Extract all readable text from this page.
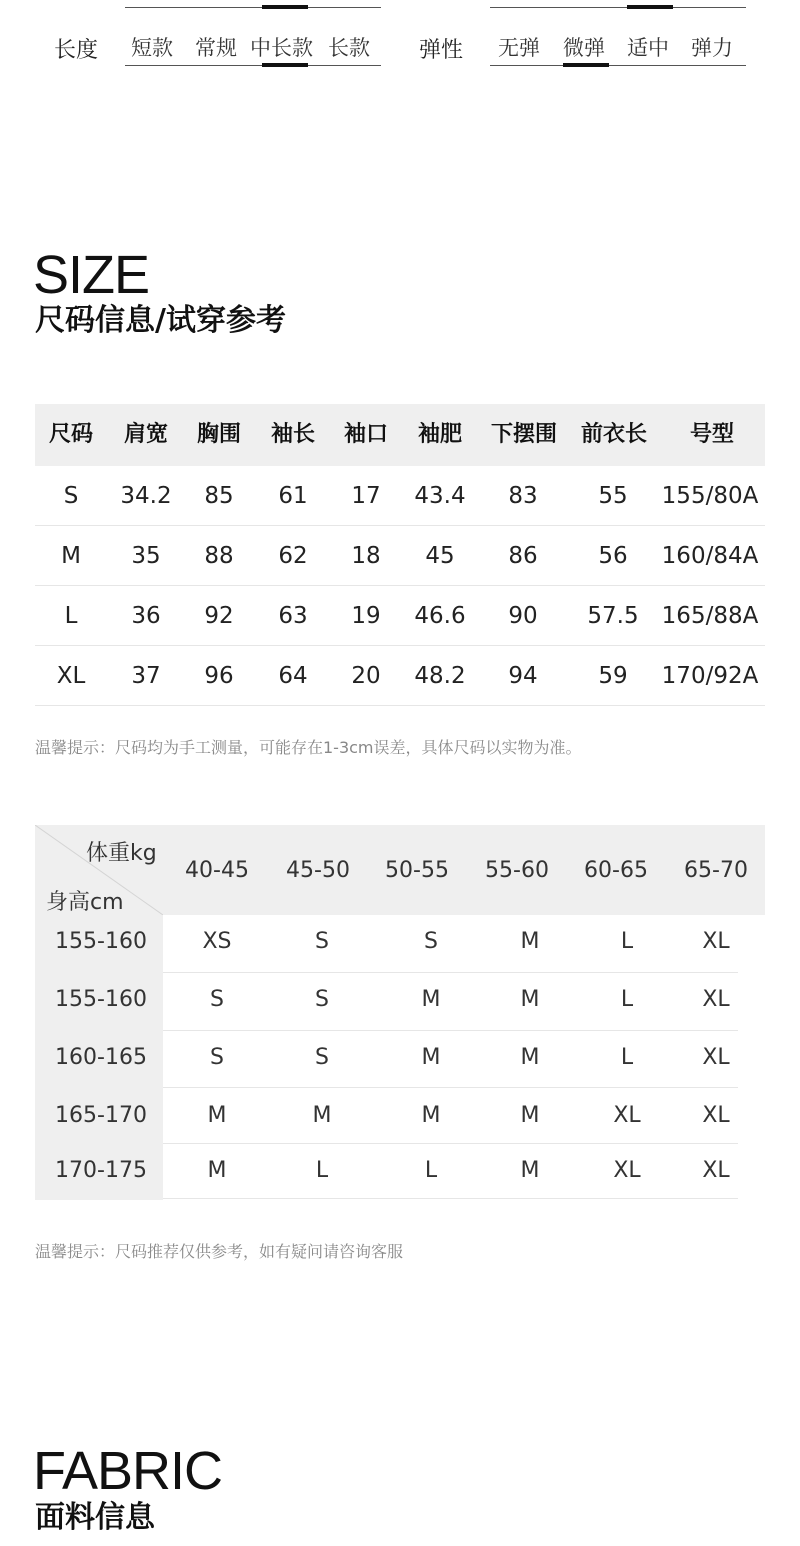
长度 短款 常规 中长款 长款 弹性 无弹 微弹 适中 弹力
SIZE
尺码信息/试穿参考
尺码	肩宽	胸围	袖长	袖口	袖肥	下摆围	前衣长	号型
S	34.2	85	61	17	43.4	83	55	155/80A
M	35	88	62	18	45	86	56	160/84A
L	36	92	63	19	46.6	90	57.5	165/88A
XL	37	96	64	20	48.2	94	59	170/92A
温馨提示：尺码均为手工测量，可能存在1-3cm误差，具体尺码以实物为准。
体重kg
身高cm
40-45	45-50	50-55	55-60	60-65	65-70
155-160	XS	S	S	M	L	XL
155-160	S	S	M	M	L	XL
160-165	S	S	M	M	L	XL
165-170	M	M	M	M	XL	XL
170-175	M	L	L	M	XL	XL
温馨提示：尺码推荐仅供参考，如有疑问请咨询客服
FABRIC
面料信息
